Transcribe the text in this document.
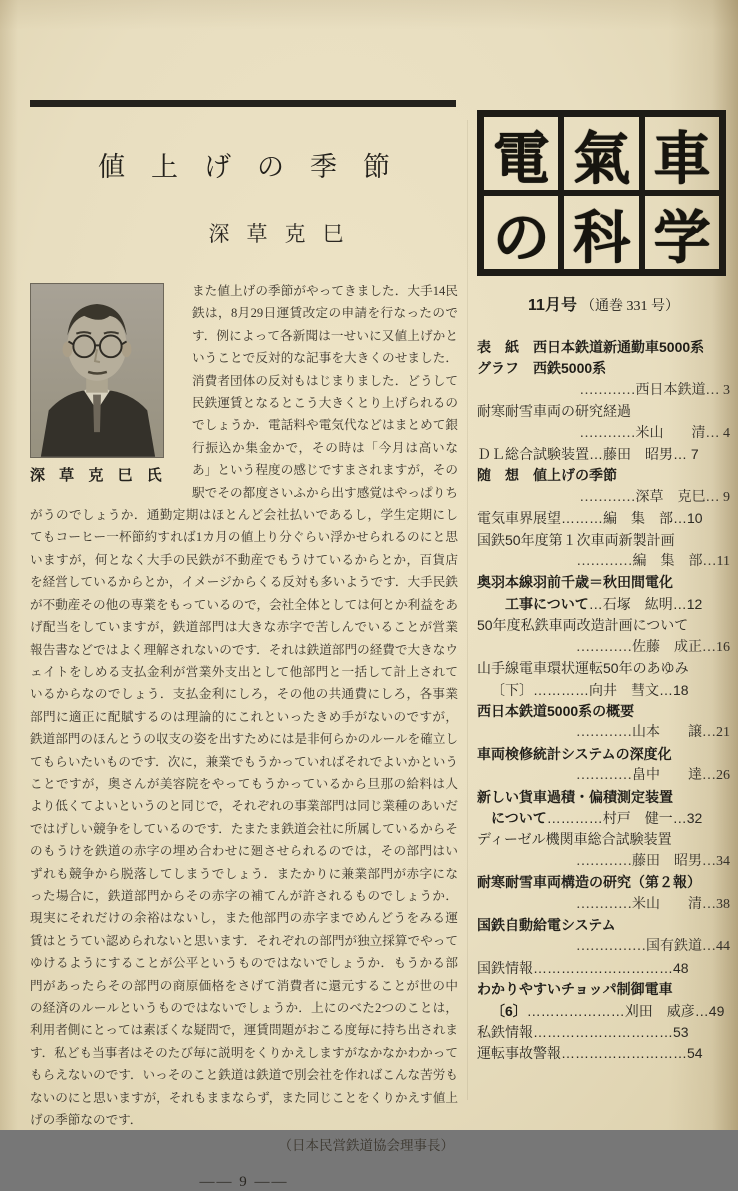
値上げの季節
深草克巳
深 草 克 巳 氏
また値上げの季節がやってきました．大手14民鉄は，8月29日運賃改定の申請を行なったのです．例によって各新聞は一せいに又値上げかということで反対的な記事を大きくのせました．消費者団体の反対もはじまりました．どうして民鉄運賃となるとこう大きくとり上げられるのでしょうか．電話料や電気代などはまとめて銀行振込か集金かで，その時は「今月は高いなあ」という程度の感じですまされますが，その駅でその都度さいふから出す感覚はやっぱりちがうのでしょうか．通勤定期はほとんど会社払いであるし，学生定期にしてもコーヒー一杯節約すれば1カ月の値上り分ぐらい浮かせられるのにと思いますが，何となく大手の民鉄が不動産でもうけているからとか，百貨店を経営しているからとか，イメージからくる反対も多いようです．大手民鉄が不動産その他の専業をもっているので，会社全体としては何とか利益をあげ配当をしていますが，鉄道部門は大きな赤字で苦しんでいることが営業報告書などではよく理解されないのです．それは鉄道部門の経費で大きなウェイトをしめる支払金利が営業外支出として他部門と一括して計上されているからなのでしょう．支払金利にしろ，その他の共通費にしろ，各事業部門に適正に配賦するのは理論的にこれといったきめ手がないのですが，鉄道部門のほんとうの収支の姿を出すためには是非何らかのルールを確立してもらいたいものです．次に，兼業でもうかっていればそれでよいかということですが，奥さんが美容院をやってもうかっているから旦那の給料は人より低くてよいというのと同じで，それぞれの事業部門は同じ業種のあいだではげしい競争をしているのです．たまたま鉄道会社に所属しているからそのもうけを鉄道の赤字の埋め合わせに廻させられるのでは，その部門はいずれも競争から脱落してしまうでしょう．またかりに兼業部門が赤字になった場合に，鉄道部門からその赤字の補てんが許されるものでしょうか．現実にそれだけの余裕はないし，また他部門の赤字までめんどうをみる運賃はとうてい認められないと思います．それぞれの部門が独立採算でやってゆけるようにすることが公平というものではないでしょうか．もうかる部門があったらその部門の商原価格をさげて消費者に還元することが世の中の経済のルールというものではないでしょうか．上にのべた2つのことは，利用者側にとっては素ぼくな疑問で，運賃問題がおこる度毎に持ち出されます．私ども当事者はそのたび毎に説明をくりかえしますがなかなかわかってもらえないのです．いっそのこと鉄道は鉄道で別会社を作ればこんな苦労もないのにと思いますが，それもままならず，また同じことをくりかえす値上げの季節なのです．
（日本民営鉄道協会理事長）
—— 9 ——
電 氣 車
の 科 学
11月号 （通巻 331 号）
表　紙　西日本鉄道新通勤車5000系
グラフ　西鉄5000系
…………西日本鉄道… 3
耐寒耐雪車両の研究経過
…………米山　　清… 4
ＤＬ総合試験装置…藤田　昭男… 7
随　想　値上げの季節
…………深草　克巳… 9
電気車界展望………編　集　部…10
国鉄50年度第１次車両新製計画
…………編　集　部…11
奥羽本線羽前千歳＝秋田間電化
工事について…石塚　紘明…12
50年度私鉄車両改造計画について
…………佐藤　成正…16
山手線電車環状運転50年のあゆみ
〔下〕…………向井　彗文…18
西日本鉄道5000系の概要
…………山本　　譲…21
車両検修統計システムの深度化
…………畠中　　達…26
新しい貨車過積・偏積測定装置
について…………村戸　健一…32
ディーゼル機関車総合試験装置
…………藤田　昭男…34
耐寒耐雪車両構造の研究（第２報）
…………米山　　清…38
国鉄自動給電システム
……………国有鉄道…44
国鉄情報…………………………48
わかりやすいチョッパ制御電車
〔6〕…………………刈田　威彦…49
私鉄情報…………………………53
運転事故警報………………………54
